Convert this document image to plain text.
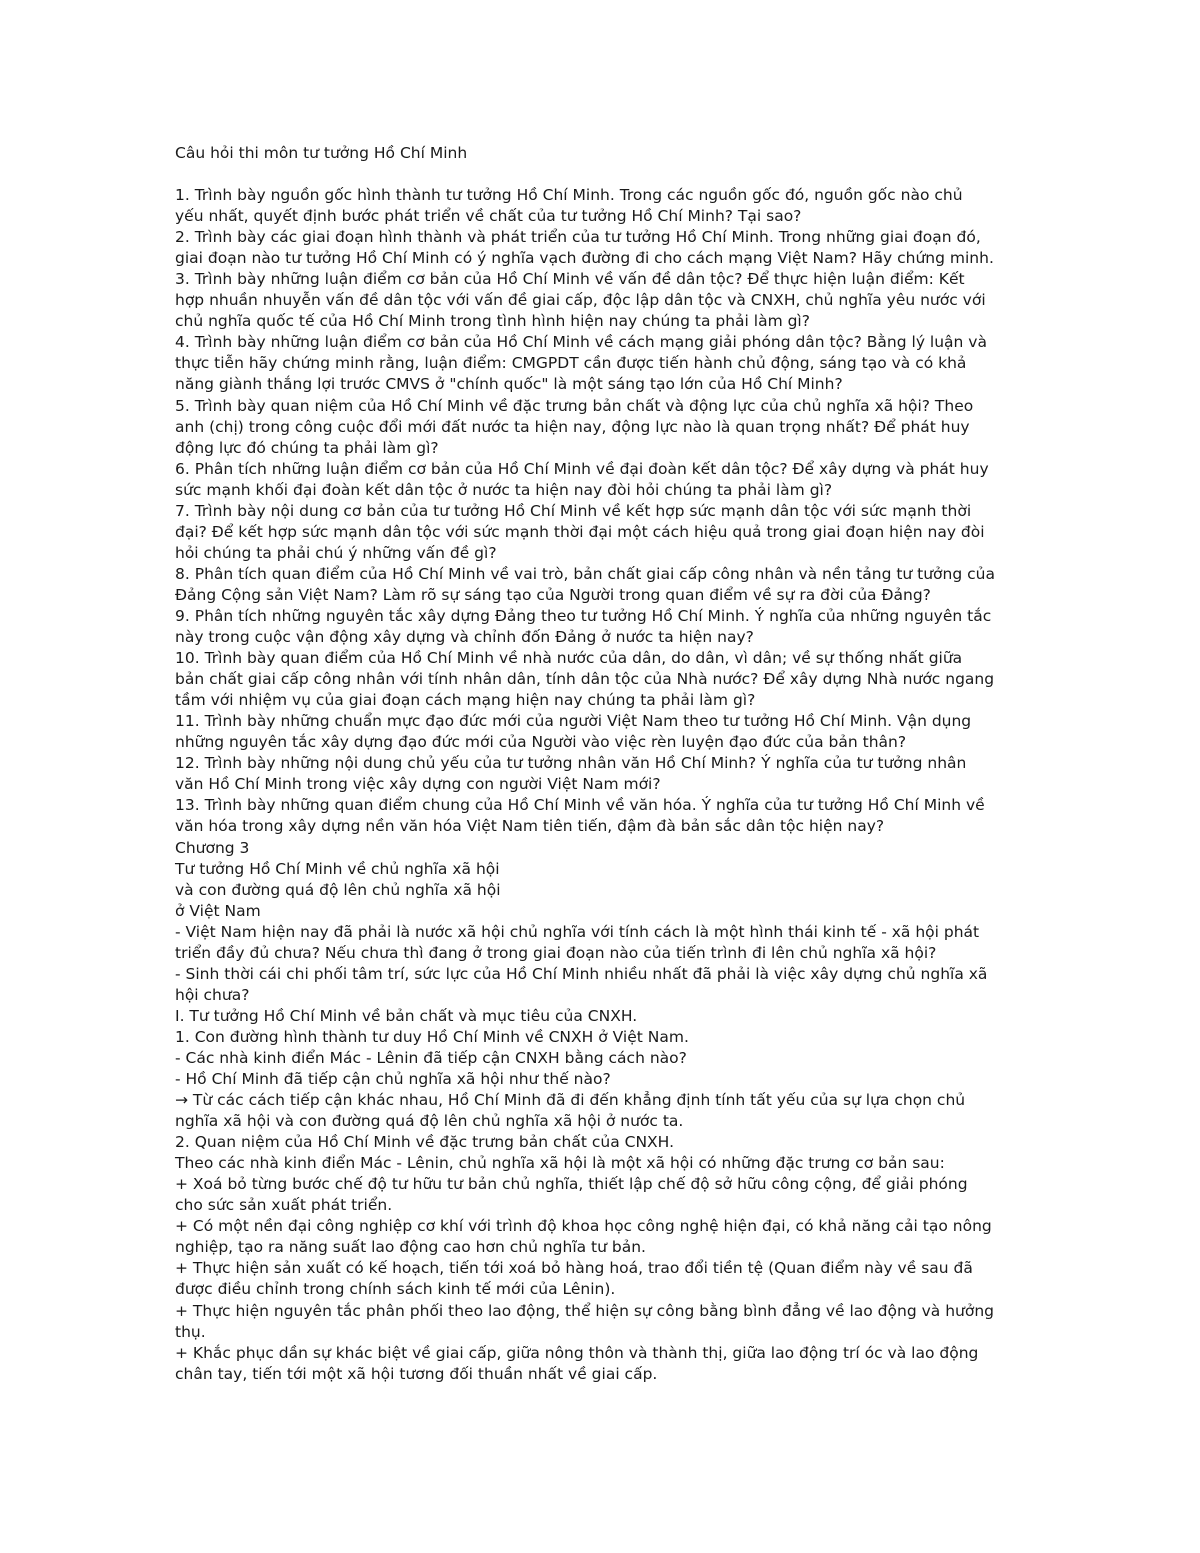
Câu hỏi thi môn tư tưởng Hồ Chí Minh
1. Trình bày nguồn gốc hình thành tư tưởng Hồ Chí Minh. Trong các nguồn gốc đó, nguồn gốc nào chủ
yếu nhất, quyết định bước phát triển về chất của tư tưởng Hồ Chí Minh? Tại sao?
2. Trình bày các giai đoạn hình thành và phát triển của tư tưởng Hồ Chí Minh. Trong những giai đoạn đó,
giai đoạn nào tư tưởng Hồ Chí Minh có ý nghĩa vạch đường đi cho cách mạng Việt Nam? Hãy chứng minh.
3. Trình bày những luận điểm cơ bản của Hồ Chí Minh về vấn đề dân tộc? Để thực hiện luận điểm: Kết
hợp nhuần nhuyễn vấn đề dân tộc với vấn đề giai cấp, độc lập dân tộc và CNXH, chủ nghĩa yêu nước với
chủ nghĩa quốc tế của Hồ Chí Minh trong tình hình hiện nay chúng ta phải làm gì?
4. Trình bày những luận điểm cơ bản của Hồ Chí Minh về cách mạng giải phóng dân tộc? Bằng lý luận và
thực tiễn hãy chứng minh rằng, luận điểm: CMGPDT cần được tiến hành chủ động, sáng tạo và có khả
năng giành thắng lợi trước CMVS ở "chính quốc" là một sáng tạo lớn của Hồ Chí Minh?
5. Trình bày quan niệm của Hồ Chí Minh về đặc trưng bản chất và động lực của chủ nghĩa xã hội? Theo
anh (chị) trong công cuộc đổi mới đất nước ta hiện nay, động lực nào là quan trọng nhất? Để phát huy
động lực đó chúng ta phải làm gì?
6. Phân tích những luận điểm cơ bản của Hồ Chí Minh về đại đoàn kết dân tộc? Để xây dựng và phát huy
sức mạnh khối đại đoàn kết dân tộc ở nước ta hiện nay đòi hỏi chúng ta phải làm gì?
7. Trình bày nội dung cơ bản của tư tưởng Hồ Chí Minh về kết hợp sức mạnh dân tộc với sức mạnh thời
đại? Để kết hợp sức mạnh dân tộc với sức mạnh thời đại một cách hiệu quả trong giai đoạn hiện nay đòi
hỏi chúng ta phải chú ý những vấn đề gì?
8. Phân tích quan điểm của Hồ Chí Minh về vai trò, bản chất giai cấp công nhân và nền tảng tư tưởng của
Đảng Cộng sản Việt Nam? Làm rõ sự sáng tạo của Người trong quan điểm về sự ra đời của Đảng?
9. Phân tích những nguyên tắc xây dựng Đảng theo tư tưởng Hồ Chí Minh. Ý nghĩa của những nguyên tắc
này trong cuộc vận động xây dựng và chỉnh đốn Đảng ở nước ta hiện nay?
10. Trình bày quan điểm của Hồ Chí Minh về nhà nước của dân, do dân, vì dân; về sự thống nhất giữa
bản chất giai cấp công nhân với tính nhân dân, tính dân tộc của Nhà nước? Để xây dựng Nhà nước ngang
tầm với nhiệm vụ của giai đoạn cách mạng hiện nay chúng ta phải làm gì?
11. Trình bày những chuẩn mực đạo đức mới của người Việt Nam theo tư tưởng Hồ Chí Minh. Vận dụng
những nguyên tắc xây dựng đạo đức mới của Người vào việc rèn luyện đạo đức của bản thân?
12. Trình bày những nội dung chủ yếu của tư tưởng nhân văn Hồ Chí Minh? Ý nghĩa của tư tưởng nhân
văn Hồ Chí Minh trong việc xây dựng con người Việt Nam mới?
13. Trình bày những quan điểm chung của Hồ Chí Minh về văn hóa. Ý nghĩa của tư tưởng Hồ Chí Minh về
văn hóa trong xây dựng nền văn hóa Việt Nam tiên tiến, đậm đà bản sắc dân tộc hiện nay?
Chương 3
Tư tưởng Hồ Chí Minh về chủ nghĩa xã hội
và con đường quá độ lên chủ nghĩa xã hội
ở Việt Nam
- Việt Nam hiện nay đã phải là nước xã hội chủ nghĩa với tính cách là một hình thái kinh tế - xã hội phát
triển đầy đủ chưa? Nếu chưa thì đang ở trong giai đoạn nào của tiến trình đi lên chủ nghĩa xã hội?
- Sinh thời cái chi phối tâm trí, sức lực của Hồ Chí Minh nhiều nhất đã phải là việc xây dựng chủ nghĩa xã
hội chưa?
I. Tư tưởng Hồ Chí Minh về bản chất và mục tiêu của CNXH.
1. Con đường hình thành tư duy Hồ Chí Minh về CNXH ở Việt Nam.
- Các nhà kinh điển Mác - Lênin đã tiếp cận CNXH bằng cách nào?
- Hồ Chí Minh đã tiếp cận chủ nghĩa xã hội như thế nào?
→ Từ các cách tiếp cận khác nhau, Hồ Chí Minh đã đi đến khẳng định tính tất yếu của sự lựa chọn chủ
nghĩa xã hội và con đường quá độ lên chủ nghĩa xã hội ở nước ta.
2. Quan niệm của Hồ Chí Minh về đặc trưng bản chất của CNXH.
Theo các nhà kinh điển Mác - Lênin, chủ nghĩa xã hội là một xã hội có những đặc trưng cơ bản sau:
+ Xoá bỏ từng bước chế độ tư hữu tư bản chủ nghĩa, thiết lập chế độ sở hữu công cộng, để giải phóng
cho sức sản xuất phát triển.
+ Có một nền đại công nghiệp cơ khí với trình độ khoa học công nghệ hiện đại, có khả năng cải tạo nông
nghiệp, tạo ra năng suất lao động cao hơn chủ nghĩa tư bản.
+ Thực hiện sản xuất có kế hoạch, tiến tới xoá bỏ hàng hoá, trao đổi tiền tệ (Quan điểm này về sau đã
được điều chỉnh trong chính sách kinh tế mới của Lênin).
+ Thực hiện nguyên tắc phân phối theo lao động, thể hiện sự công bằng bình đẳng về lao động và hưởng
thụ.
+ Khắc phục dần sự khác biệt về giai cấp, giữa nông thôn và thành thị, giữa lao động trí óc và lao động
chân tay, tiến tới một xã hội tương đối thuần nhất về giai cấp.
